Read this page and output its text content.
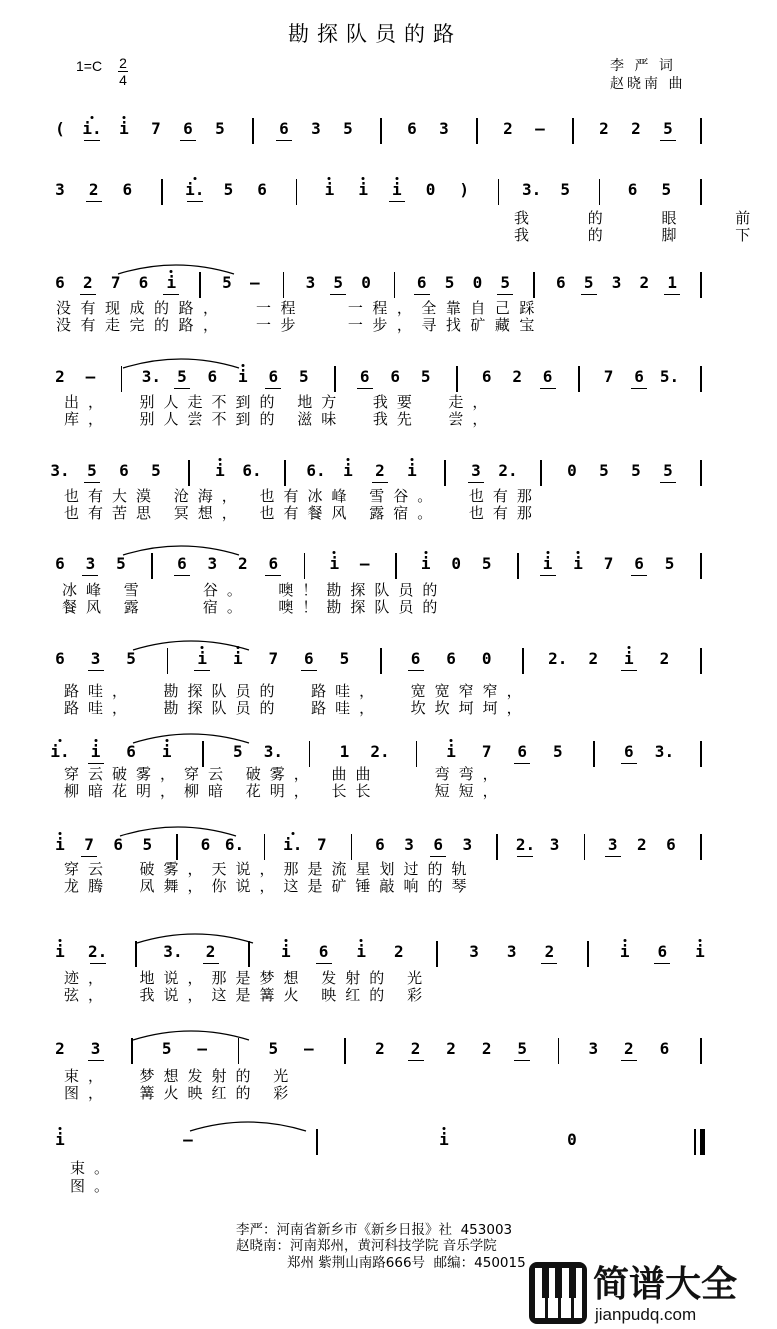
勘探队员的路
1=C 2
4
李 严 词
赵晓南 曲
( i. i 7 6 5	6 3 5	6 3	2 –	2 2 5
3 2 6	i. 5 6	i i i 0 )	3. 5	6 5
我 的 眼 前
我 的 脚 下
6 2 7 6 i	5 –	3 5 0	6 5 0 5	6 5 3 2 1
没有现成的路，  一程   一程，全靠自己踩
没有走完的路，  一步   一步，寻找矿藏宝
2 –	3. 5 6 i 6 5	6 6 5	6 2 6	7 6 5.
出，  别人走不到的 地方  我要  走，
库，  别人尝不到的 滋味  我先  尝，
3. 5 6 5	i 6.	6. i 2 i	3 2.	0 5 5 5
也有大漠 沧海， 也有冰峰 雪谷。  也有那
也有苦思 冥想， 也有餐风 露宿。  也有那
6 3 5	6 3 2 6	i –	i 0 5	i i 7 6 5
冰峰 雪    谷。  噢！勘探队员的
餐风 露    宿。  噢！勘探队员的
6 3 5	i i 7 6 5	6 6 0	2. 2 i 2
路哇，  勘探队员的  路哇，  宽宽窄窄，
路哇，  勘探队员的  路哇，  坎坎坷坷，
i. i 6 i	5 3.	1 2.	i 7 6 5	6 3.
穿云破雾，穿云 破雾， 曲曲    弯弯，
柳暗花明，柳暗 花明， 长长    短短，
i 7 6 5	6 6. i. 7	6 3 6 3	2. 3	3 2 6
穿云  破雾，天说，那是流星划过的轨
龙腾  凤舞，你说，这是矿锤敲响的琴
i 2.	3. 2	i 6 i 2	3 3 2	i 6 i
迹，  地说，那是梦想 发射的 光
弦，  我说，这是篝火 映红的 彩
2 3	5 –	5 –	2 2 2 2 5	3 2 6
束，  梦想发射的 光
图，  篝火映红的 彩
i	–	i	0
束。
图。
李严：河南省新乡市《新乡日报》社  453003
赵晓南：河南郑州，黄河科技学院 音乐学院
郑州 紫荆山南路666号  邮编：450015
简谱大全
jianpudq.com
